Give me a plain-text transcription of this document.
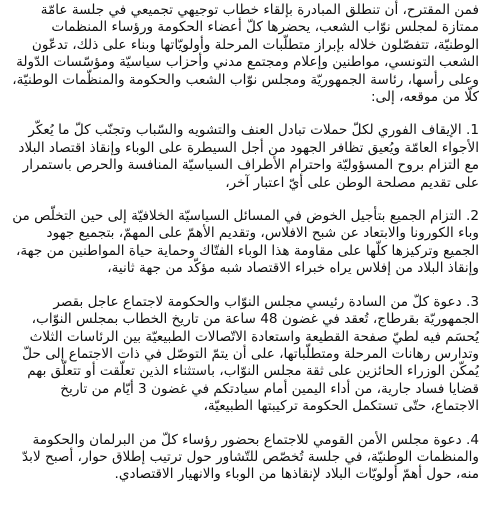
فمن المقترح، أن تنطلق المبادرة بإلقاء خطاب توجيهي تجميعي في جلسة عامّة ممتازة لمجلس نوّاب الشعب، يحضرها كلّ أعضاء الحكومة ورؤساء المنظمات الوطنيّة، تتفصّلون خلاله بإبراز متطلّبات المرحلة وأولويّاتها وبناء على ذلك، تدعّون الشعب التونسي، مواطنين وإعلام ومجتمع مدني وأحزاب سياسيّة ومؤسّسات الدّولة وعلى رأسها، رئاسة الجمهوريّة ومجلس نوّاب الشعب والحكومة والمنظّمات الوطنيّة، كلّا من موقعه، إلى:

1. الإيقاف الفوري لكلّ حملات تبادل العنف والتشويه والسّباب وتجنّب كلّ ما يُعكّر الأجواء العامّة ويُعيق تظافر الجهود من أجل السيطرة على الوباء وإنقاذ اقتصاد البلاد مع التزام بروح المسؤوليّة واحترام الأطراف السياسيّة المنافسة والحرص باستمرار على تقديم مصلحة الوطن على أيّ اعتبار آخر،

2. التزام الجميع بتأجيل الخوض في المسائل السياسيّة الخلافيّة إلى حين التخلّص من وباء الكورونا والابتعاد عن شبح الافلاس، وتقديم الأهمّ على المهمّ، بتجميع جهود الجميع وتركيزها كلّها على مقاومة هذا الوباء الفتّاك وحماية حياة المواطنين من جهة، وإنقاذ البلاد من إفلاس يراه خبراء الاقتصاد شبه مؤكّد من جهة ثانية،

3. دعوة كلّ من السادة رئيسي مجلس النوّاب والحكومة لاجتماع عاجل بقصر الجمهوريّة بقرطاج، تُعقد في غضون 48 ساعة من تاريخ الخطاب بمجلس النوّاب، يُحسَم فيه لطيّ صفحة القطيعة واستعادة الاتّصالات الطبيعيّة بين الرئاسات الثلاث وتدارس رهانات المرحلة ومتطلّباتها، على أن يتمّ التوصّل في ذات الاجتماع إلى حلّ يُمكّن الوزراء الحائزين على ثقة مجلس النوّاب، باستثناء الذين تعلّقت أو تتعلّق بهم قضايا فساد جارية، من أداء اليمين أمام سيادتكم في غضون 3 أيّام من تاريخ الاجتماع، حتّى تستكمل الحكومة تركيبتها الطبيعيّة،

4. دعوة مجلس الأمن القومي للاجتماع بحضور رؤساء كلّ من البرلمان والحكومة والمنظمات الوطنيّة، في جلسة تُخصّص للتّشاور حول ترتيب إطلاق حوار، أصبح لابدّ منه، حول أهمّ أولويّات البلاد لإنقاذها من الوباء والانهيار الاقتصادي.
